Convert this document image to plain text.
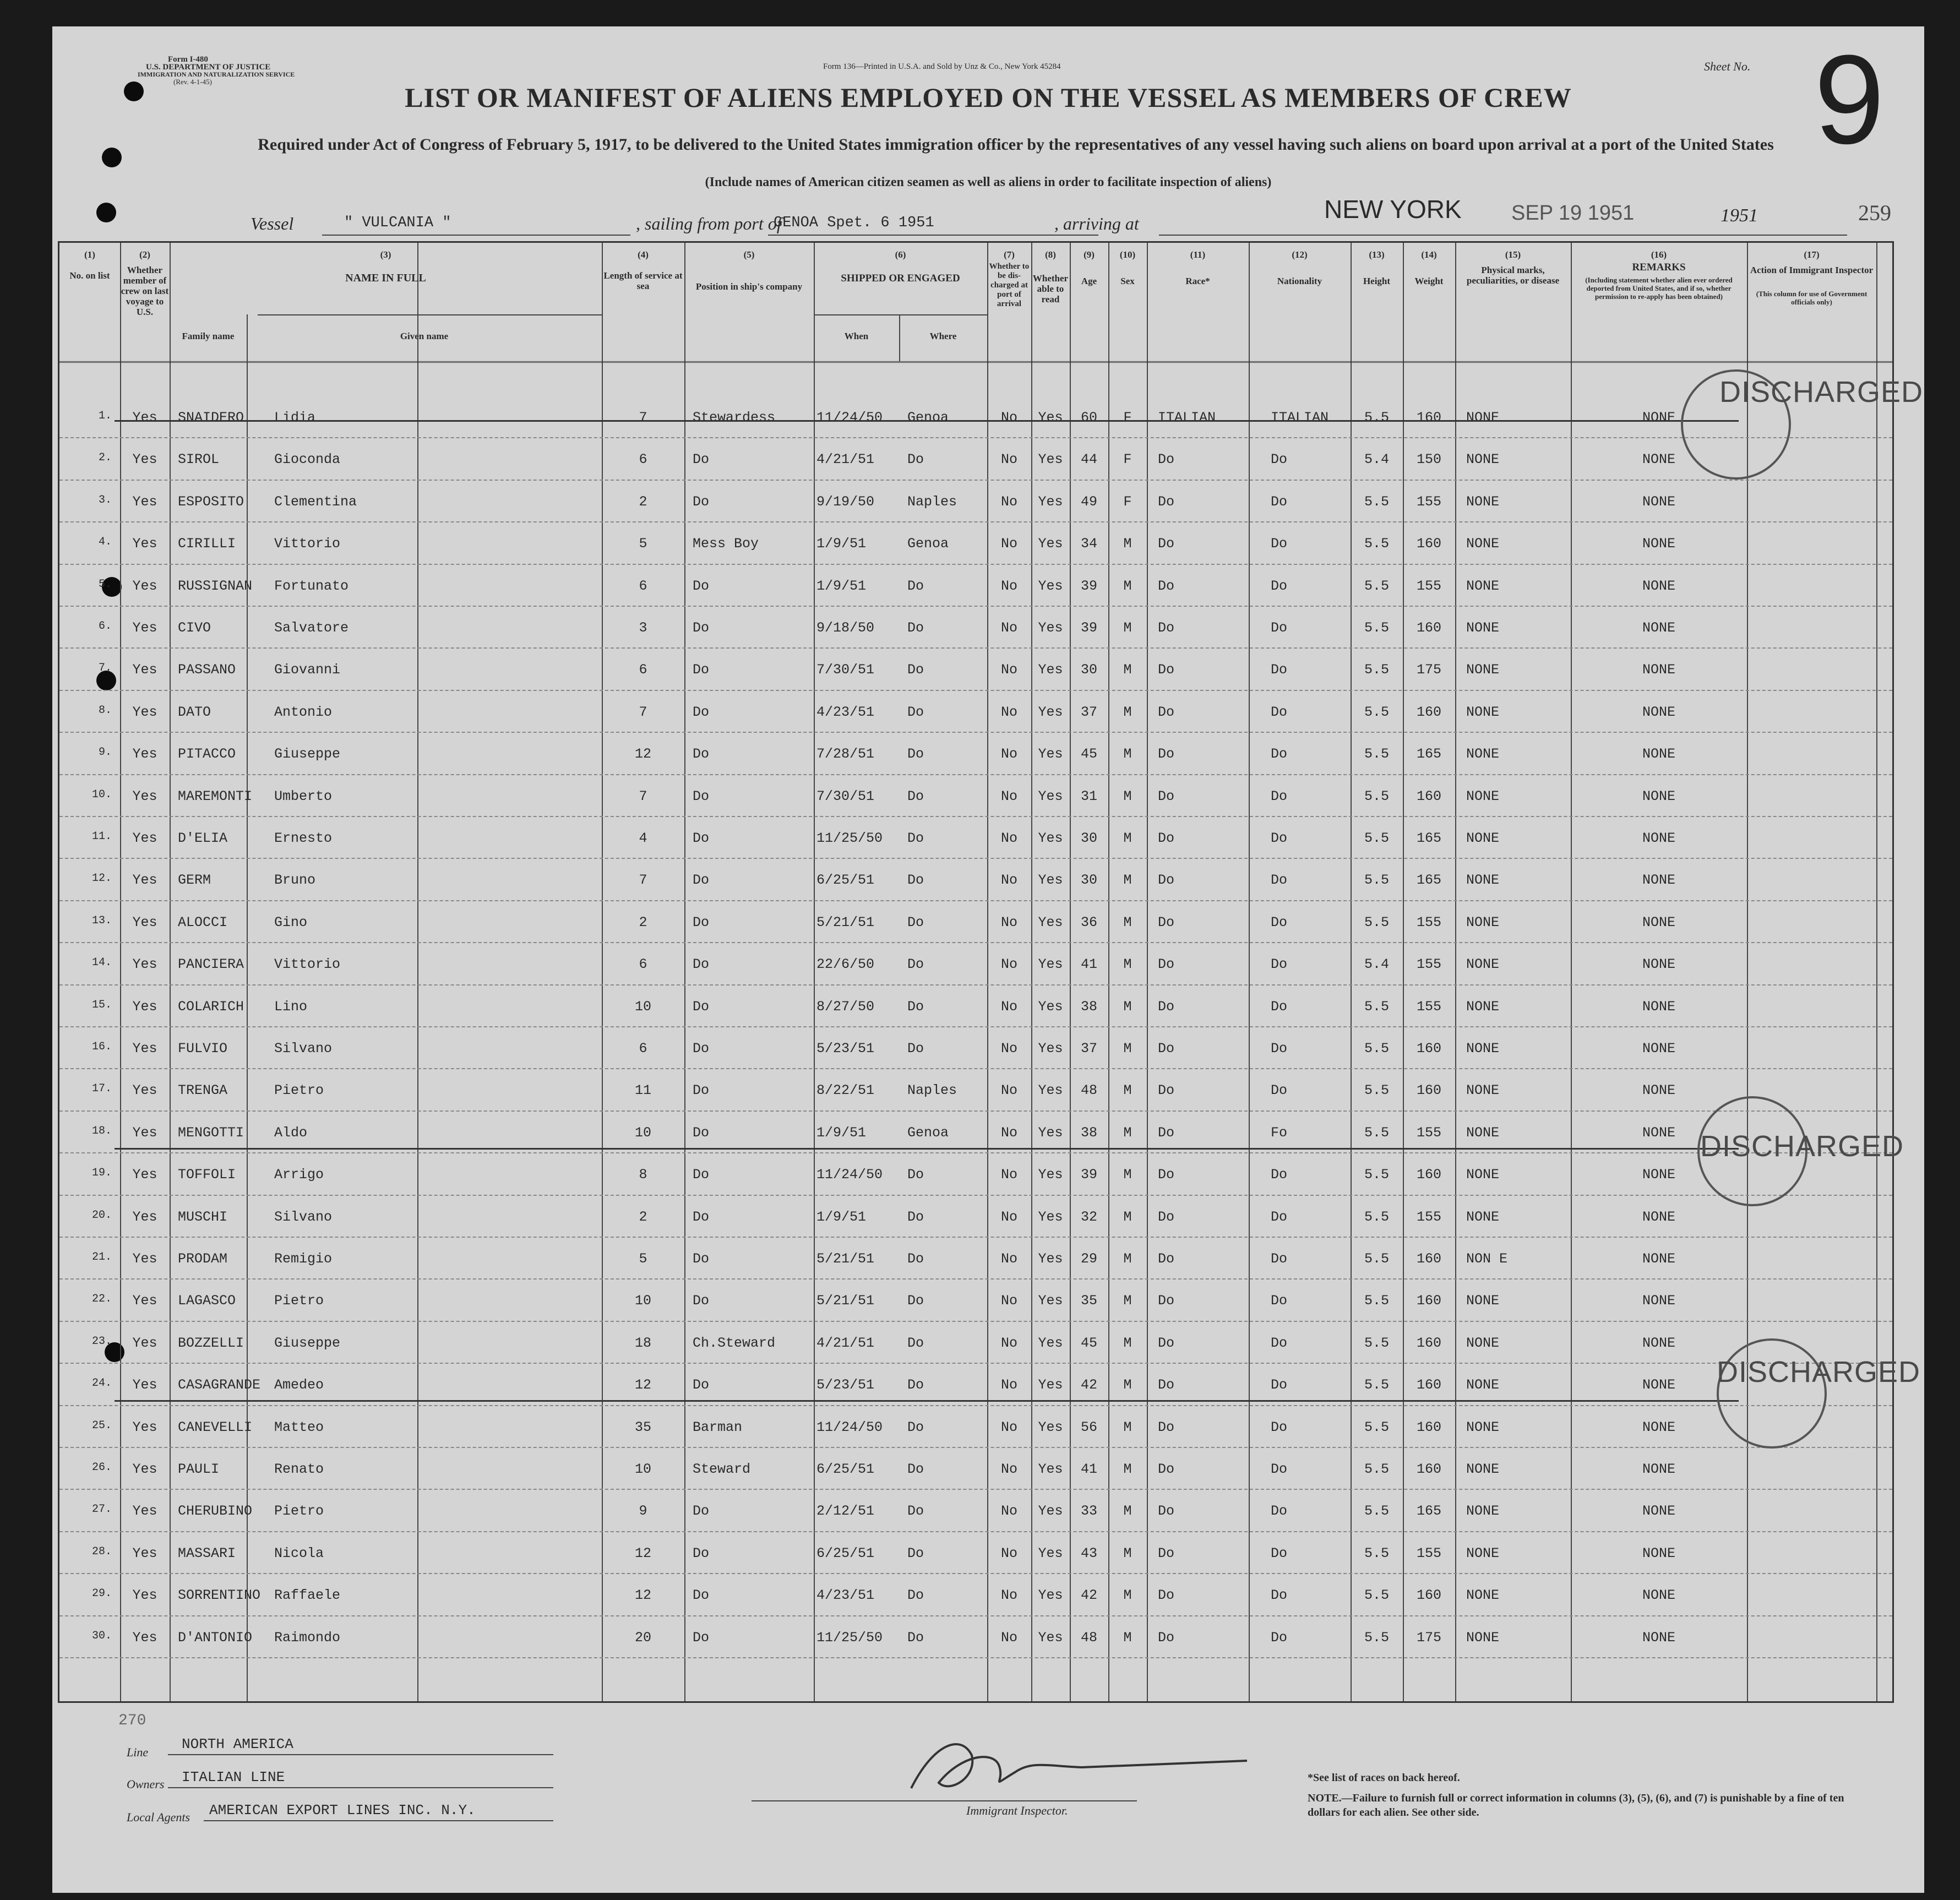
Form I-480
U.S. DEPARTMENT OF JUSTICE
IMMIGRATION AND NATURALIZATION SERVICE
(Rev. 4-1-45)
Form 136—Printed in U.S.A. and Sold by Unz & Co., New York 45284	Sheet No. 9
LIST OR MANIFEST OF ALIENS EMPLOYED ON THE VESSEL AS MEMBERS OF CREW
Required under Act of Congress of February 5, 1917, to be delivered to the United States immigration officer by the representatives of any vessel having such aliens on board upon arrival at a port of the United States
(Include names of American citizen seamen as well as aliens in order to facilitate inspection of aliens)
Vessel	" VULCANIA "	, sailing from port of
GENOA Spet. 6 1951	, arriving at	NEW YORK SEP 19 1951	1951	259
(1)	(2)	(3)	(4)	(5)	(6)	(7)	(8)	(9)	(10)	(11)	(12)	(13)	(14)	(15)	(16)	(17)
No. on list
Whether member of crew on last voyage to U.S.
NAME IN FULL
Family name	Given name
Length of service at sea	Position in ship's company
SHIPPED OR ENGAGED
When	Where
Whether to be dis-charged at port of arrival
Whether able to read
Age	Sex	Race*	Nationality	Height	Weight
Physical marks, peculiarities, or disease
REMARKS
(Including statement whether alien ever ordered deported from United States, and if so, whether permission to re-apply has been obtained)
Action of Immigrant Inspector
(This column for use of Government officials only)
1.	Yes	SNAIDERO Lidia	7	Stewardess	11/24/50	Genoa	No	Yes	60	F	ITALIAN	ITALIAN	5.5	160	NONE	NONE
2.	Yes	SIROL	Gioconda	6	Do	4/21/51	Do	No	Yes	44	F	Do	Do	5.4	150	NONE	NONE
3.	Yes	ESPOSITO Clementina	2	Do	9/19/50	Naples	No	Yes	49	F	Do	Do	5.5	155	NONE	NONE
4.	Yes	CIRILLI	Vittorio	5	Mess Boy	1/9/51	Genoa	No	Yes	34	M	Do	Do	5.5	160	NONE	NONE
5.	Yes	RUSSIGNAN Fortunato	6	Do	1/9/51	Do	No	Yes	39	M	Do	Do	5.5	155	NONE	NONE
6.	Yes	CIVO	Salvatore	3	Do	9/18/50	Do	No	Yes	39	M	Do	Do	5.5	160	NONE	NONE
7.	Yes	PASSANO	Giovanni	6	Do	7/30/51	Do	No	Yes	30	M	Do	Do	5.5	175	NONE	NONE
8.	Yes	DATO	Antonio	7	Do	4/23/51	Do	No	Yes	37	M	Do	Do	5.5	160	NONE	NONE
9.	Yes	PITACCO	Giuseppe	12	Do	7/28/51	Do	No	Yes	45	M	Do	Do	5.5	165	NONE	NONE
10.	Yes	MAREMONTI Umberto	7	Do	7/30/51	Do	No	Yes	31	M	Do	Do	5.5	160	NONE	NONE
11.	Yes	D'ELIA	Ernesto	4	Do	11/25/50	Do	No	Yes	30	M	Do	Do	5.5	165	NONE	NONE
12.	Yes	GERM	Bruno	7	Do	6/25/51	Do	No	Yes	30	M	Do	Do	5.5	165	NONE	NONE
13.	Yes	ALOCCI	Gino	2	Do	5/21/51	Do	No	Yes	36	M	Do	Do	5.5	155	NONE	NONE
14.	Yes	PANCIERA Vittorio	6	Do	22/6/50	Do	No	Yes	41	M	Do	Do	5.4	155	NONE	NONE
15.	Yes	COLARICH Lino	10	Do	8/27/50	Do	No	Yes	38	M	Do	Do	5.5	155	NONE	NONE
16.	Yes	FULVIO	Silvano	6	Do	5/23/51	Do	No	Yes	37	M	Do	Do	5.5	160	NONE	NONE
17.	Yes	TRENGA	Pietro	11	Do	8/22/51	Naples	No	Yes	48	M	Do	Do	5.5	160	NONE	NONE
18.	Yes	MENGOTTI Aldo	10	Do	1/9/51	Genoa	No	Yes	38	M	Do	Fo	5.5	155	NONE	NONE
19.	Yes	TOFFOLI	Arrigo	8	Do	11/24/50	Do	No	Yes	39	M	Do	Do	5.5	160	NONE	NONE
20.	Yes	MUSCHI	Silvano	2	Do	1/9/51	Do	No	Yes	32	M	Do	Do	5.5	155	NONE	NONE
21.	Yes	PRODAM	Remigio	5	Do	5/21/51	Do	No	Yes	29	M	Do	Do	5.5	160	NON E	NONE
22.	Yes	LAGASCO	Pietro	10	Do	5/21/51	Do	No	Yes	35	M	Do	Do	5.5	160	NONE	NONE
23.	Yes	BOZZELLI Giuseppe	18	Ch.Steward	4/21/51	Do	No	Yes	45	M	Do	Do	5.5	160	NONE	NONE
24.	Yes	CASAGRANDE Amedeo	12	Do	5/23/51	Do	No	Yes	42	M	Do	Do	5.5	160	NONE	NONE
25.	Yes	CANEVELLI Matteo	35	Barman	11/24/50	Do	No	Yes	56	M	Do	Do	5.5	160	NONE	NONE
26.	Yes	PAULI	Renato	10	Steward	6/25/51	Do	No	Yes	41	M	Do	Do	5.5	160	NONE	NONE
27.	Yes	CHERUBINO Pietro	9	Do	2/12/51	Do	No	Yes	33	M	Do	Do	5.5	165	NONE	NONE
28.	Yes	MASSARI	Nicola	12	Do	6/25/51	Do	No	Yes	43	M	Do	Do	5.5	155	NONE	NONE
29.	Yes	SORRENTINO Raffaele	12	Do	4/23/51	Do	No	Yes	42	M	Do	Do	5.5	160	NONE	NONE
30.	Yes	D'ANTONIO Raimondo	20	Do	11/25/50	Do	No	Yes	48	M	Do	Do	5.5	175	NONE	NONE
DISCHARGED
DISCHARGED
DISCHARGED
270
Line NORTH AMERICA
Owners ITALIAN LINE
Local Agents AMERICAN EXPORT LINES INC. N.Y.	Immigrant Inspector.
*See list of races on back hereof.
NOTE.—Failure to furnish full or correct information in columns (3), (5), (6), and (7) is punishable by a fine of ten dollars for each alien. See other side.
